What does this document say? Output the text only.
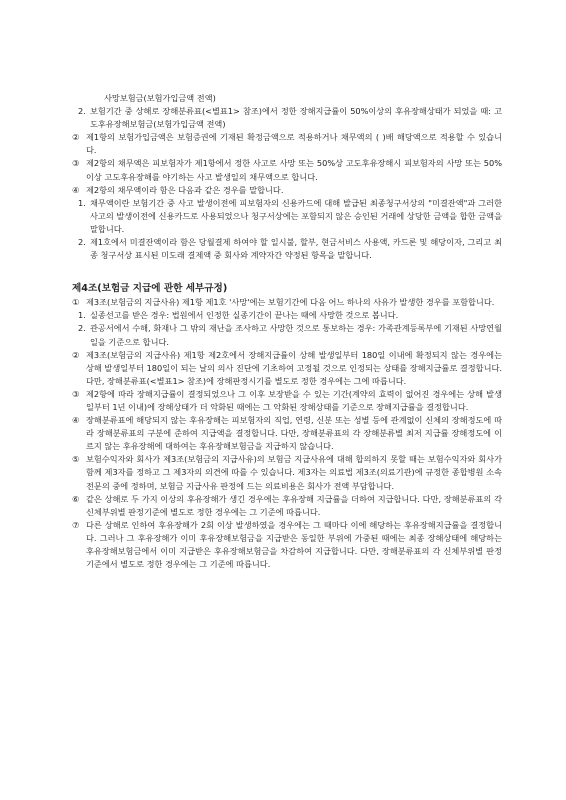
사망보험금(보험가입금액 전액)
2. 보험기간 중 상해로 장해분류표(<별표1> 참조)에서 정한 장해지급률이 50%이상의 후유장해상태가 되었을 때: 고도후유장해보험금(보험가입금액 전액)
② 제1항의 보험가입금액은 보험증권에 기재된 확정금액으로 적용하거나 채무액의 ( )배 해당액으로 적용할 수 있습니다.
③ 제2항의 채무액은 피보험자가 제1항에서 정한 사고로 사망 또는 50%상 고도후유장해시 피보험자의 사망 또는 50%이상 고도후유장해를 야기하는 사고 발생일의 채무액으로 합니다.
④ 제2항의 채무액이라 함은 다음과 같은 경우를 말합니다.
1. 채무액이란 보험기간 중 사고 발생이전에 피보험자의 신용카드에 대해 발급된 최종청구서상의 "미결잔액"과 그러한 사고의 발생이전에 신용카드로 사용되었으나 청구서상에는 포함되지 않은 승인된 거래에 상당한 금액을 합한 금액을 말합니다.
2. 제1호에서 미결잔액이라 함은 당월결제 하여야 할 일시불, 할부, 현금서비스 사용액, 카드론 및 해당이자, 그리고 최종 청구서상 표시된 미도래 결제액 중 회사와 계약자간 약정된 항목을 말합니다.
제4조(보험금 지급에 관한 세부규정)
① 제3조(보험금의 지급사유) 제1항 제1호 '사망'에는 보험기간에 다음 어느 하나의 사유가 발생한 경우를 포함합니다.
1. 실종선고를 받은 경우: 법원에서 인정한 실종기간이 끝나는 때에 사망한 것으로 봅니다.
2. 관공서에서 수해, 화재나 그 밖의 재난을 조사하고 사망한 것으로 통보하는 경우: 가족관계등록부에 기재된 사망연월일을 기준으로 합니다.
② 제3조(보험금의 지급사유) 제1항 제2호에서 장해지급률이 상해 발생일부터 180일 이내에 확정되지 않는 경우에는 상해 발생일부터 180일이 되는 날의 의사 진단에 기초하여 고정될 것으로 인정되는 상태를 장해지급률로 결정합니다. 다만, 장해분류표(<별표1> 참조)에 장해판정시기를 별도로 정한 경우에는 그에 따릅니다.
③ 제2항에 따라 장해지급률이 결정되었으나 그 이후 보장받을 수 있는 기간(계약의 효력이 없어진 경우에는 상해 발생일부터 1년 이내)에 장해상태가 더 악화된 때에는 그 악화된 장해상태를 기준으로 장해지급률을 결정합니다.
④ 장해분류표에 해당되지 않는 후유장해는 피보험자의 직업, 연령, 신분 또는 성별 등에 관계없이 신체의 장해정도에 따라 장해분류표의 구분에 준하여 지급액을 결정합니다. 다만, 장해분류표의 각 장해분류별 최저 지급률 장해정도에 이르지 않는 후유장해에 대하여는 후유장해보험금을 지급하지 않습니다.
⑤ 보험수익자와 회사가 제3조(보험금의 지급사유)의 보험금 지급사유에 대해 합의하지 못할 때는 보험수익자와 회사가 함께 제3자를 정하고 그 제3자의 의견에 따를 수 있습니다. 제3자는 의료법 제3조(의료기관)에 규정한 종합병원 소속 전문의 중에 정하며, 보험금 지급사유 판정에 드는 의료비용은 회사가 전액 부담합니다.
⑥ 같은 상해로 두 가지 이상의 후유장해가 생긴 경우에는 후유장해 지급률을 더하여 지급합니다. 다만, 장해분류표의 각 신체부위별 판정기준에 별도로 정한 경우에는 그 기준에 따릅니다.
⑦ 다른 상해로 인하여 후유장해가 2회 이상 발생하였을 경우에는 그 때마다 이에 해당하는 후유장해지급률을 결정합니다. 그러나 그 후유장해가 이미 후유장해보험금을 지급받은 동일한 부위에 가중된 때에는 최종 장해상태에 해당하는 후유장해보험금에서 이미 지급받은 후유장해보험금을 차감하여 지급합니다. 다만, 장해분류표의 각 신체부위별 판정기준에서 별도로 정한 경우에는 그 기준에 따릅니다.
